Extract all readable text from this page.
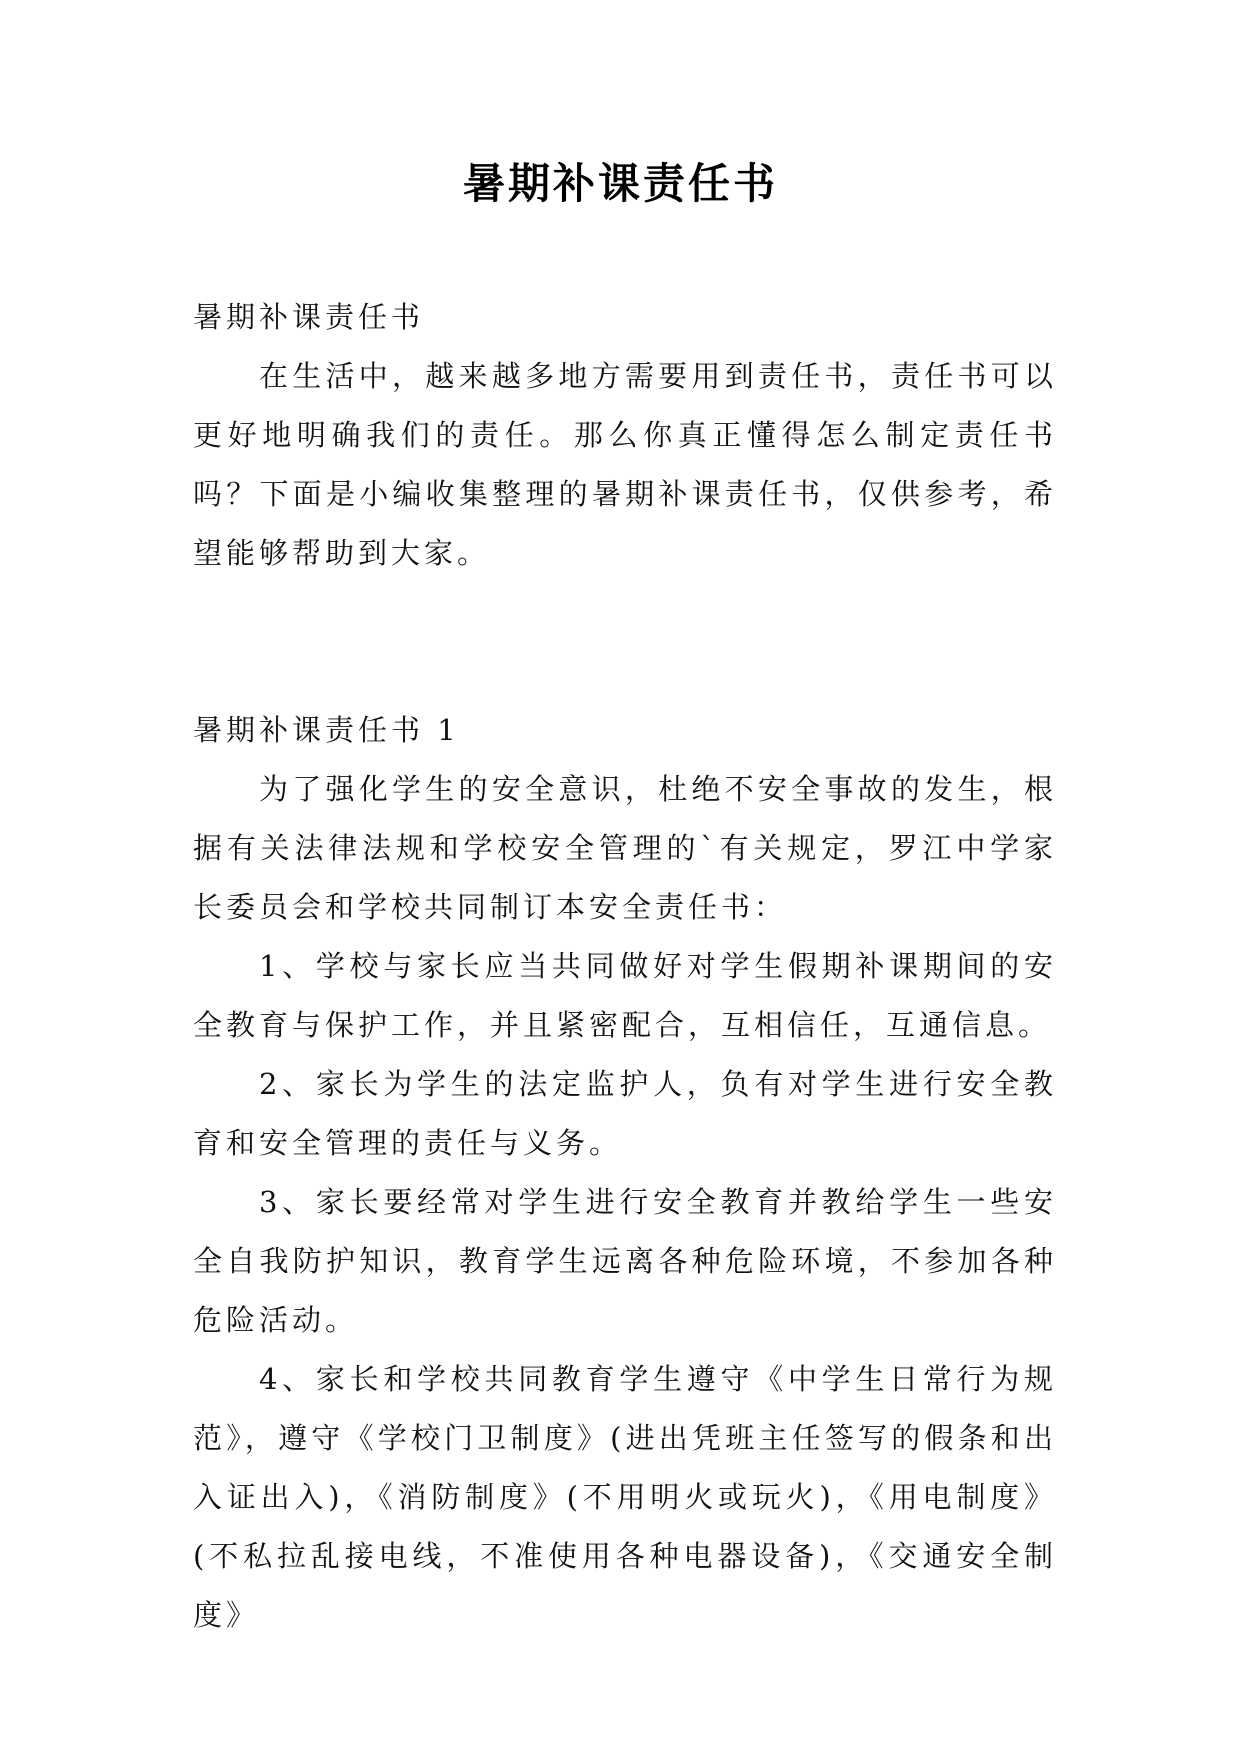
暑期补课责任书
暑期补课责任书

在生活中，越来越多地方需要用到责任书，责任书可以更好地明确我们的责任。那么你真正懂得怎么制定责任书吗？下面是小编收集整理的暑期补课责任书，仅供参考，希望能够帮助到大家。

暑期补课责任书 1

为了强化学生的安全意识，杜绝不安全事故的发生，根据有关法律法规和学校安全管理的`有关规定，罗江中学家长委员会和学校共同制订本安全责任书：

1、学校与家长应当共同做好对学生假期补课期间的安全教育与保护工作，并且紧密配合，互相信任，互通信息。

2、家长为学生的法定监护人，负有对学生进行安全教育和安全管理的责任与义务。

3、家长要经常对学生进行安全教育并教给学生一些安全自我防护知识，教育学生远离各种危险环境，不参加各种危险活动。

4、家长和学校共同教育学生遵守《中学生日常行为规范》，遵守《学校门卫制度》(进出凭班主任签写的假条和出入证出入)，《消防制度》(不用明火或玩火)，《用电制度》(不私拉乱接电线，不准使用各种电器设备)，《交通安全制度》
